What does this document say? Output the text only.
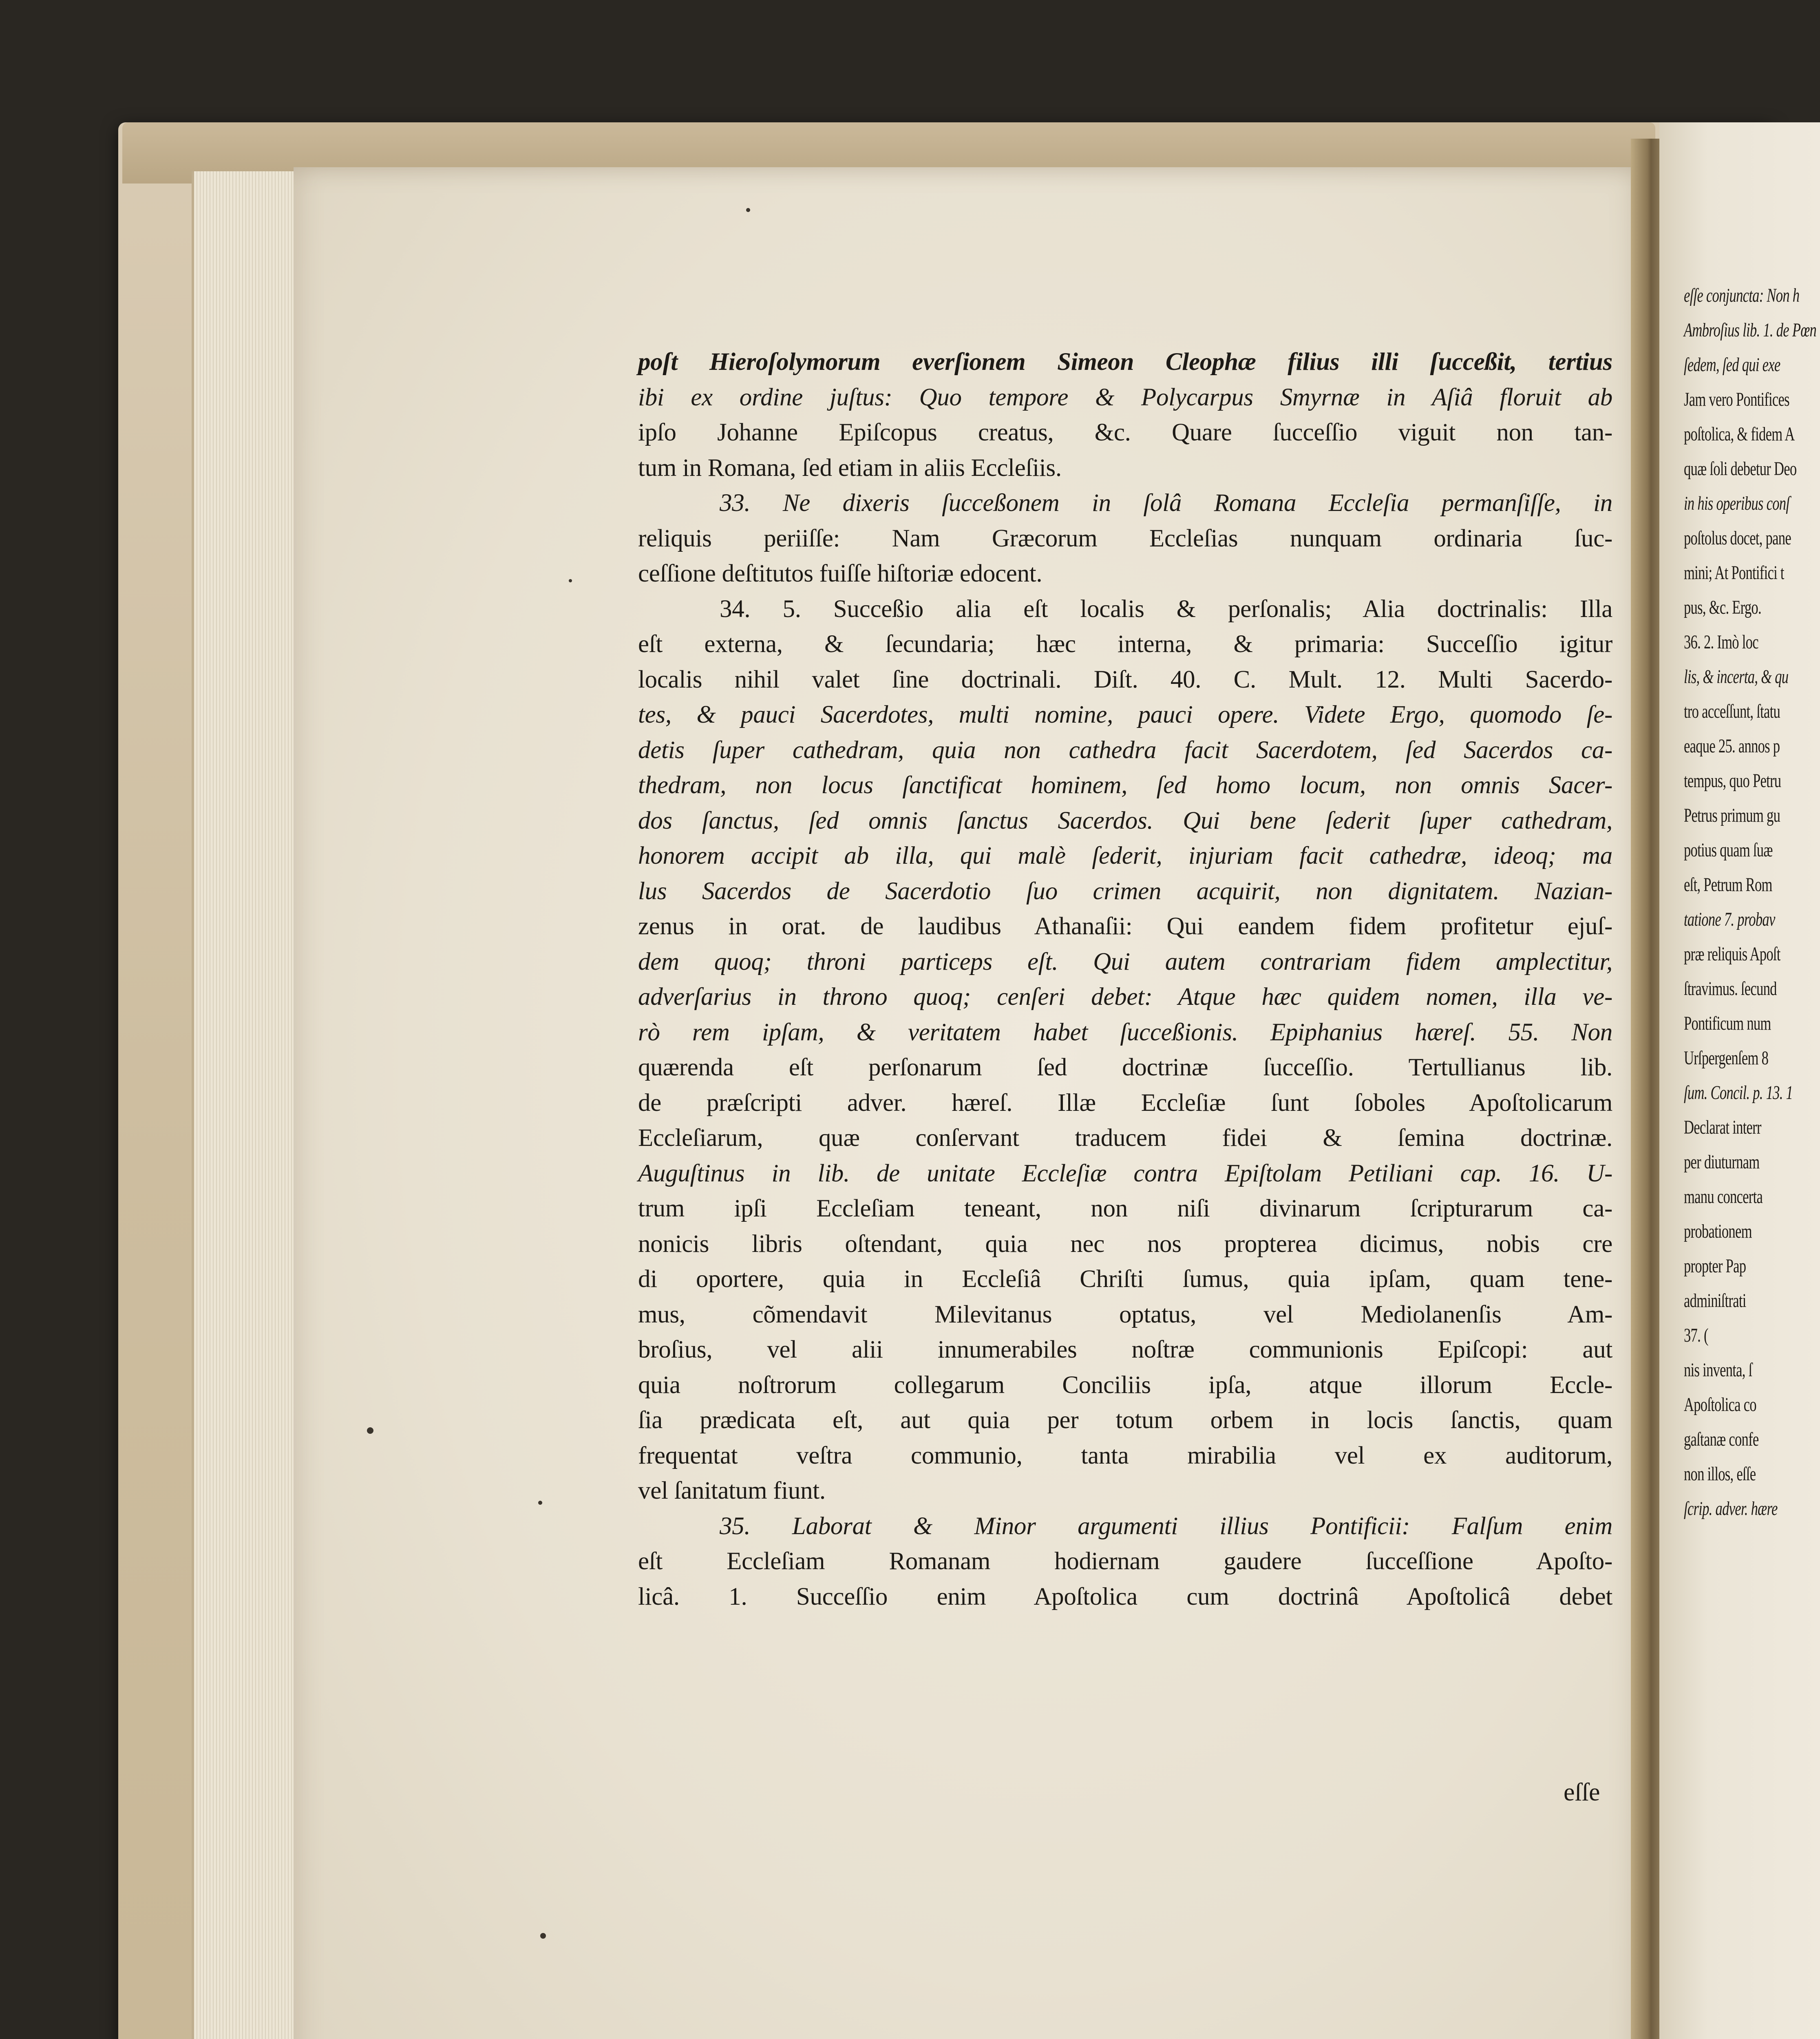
poſt Hieroſolymorum everſionem Simeon Cleophæ filius illi ſucceßit, tertius
ibi ex ordine juſtus: Quo tempore & Polycarpus Smyrnæ in Aſiâ floruit ab
ipſo Johanne Epiſcopus creatus, &c. Quare ſucceſſio viguit non tan-
tum in Romana, ſed etiam in aliis Eccleſiis.
33. Ne dixeris ſucceßonem in ſolâ Romana Eccleſia permanſiſſe, in
reliquis periiſſe: Nam Græcorum Eccleſias nunquam ordinaria ſuc-
ceſſione deſtitutos fuiſſe hiſtoriæ edocent.
34. 5. Succeßio alia eſt localis & perſonalis; Alia doctrinalis: Illa
eſt externa, & ſecundaria; hæc interna, & primaria: Succeſſio igitur
localis nihil valet ſine doctrinali. Diſt. 40. C. Mult. 12. Multi Sacerdo-
tes, & pauci Sacerdotes, multi nomine, pauci opere. Videte Ergo, quomodo ſe-
detis ſuper cathedram, quia non cathedra facit Sacerdotem, ſed Sacerdos ca-
thedram, non locus ſanctificat hominem, ſed homo locum, non omnis Sacer-
dos ſanctus, ſed omnis ſanctus Sacerdos. Qui bene ſederit ſuper cathedram,
honorem accipit ab illa, qui malè ſederit, injuriam facit cathedræ, ideoq; ma
lus Sacerdos de Sacerdotio ſuo crimen acquirit, non dignitatem. Nazian-
zenus in orat. de laudibus Athanaſii: Qui eandem fidem profitetur ejuſ-
dem quoq; throni particeps eſt. Qui autem contrariam fidem amplectitur,
adverſarius in throno quoq; cenſeri debet: Atque hæc quidem nomen, illa ve-
rò rem ipſam, & veritatem habet ſucceßionis. Epiphanius hæreſ. 55. Non
quærenda eſt perſonarum ſed doctrinæ ſucceſſio. Tertullianus lib.
de præſcripti adver. hæreſ. Illæ Eccleſiæ ſunt ſoboles Apoſtolicarum
Eccleſiarum, quæ conſervant traducem fidei & ſemina doctrinæ.
Auguſtinus in lib. de unitate Eccleſiæ contra Epiſtolam Petiliani cap. 16. U-
trum ipſi Eccleſiam teneant, non niſi divinarum ſcripturarum ca-
nonicis libris oſtendant, quia nec nos propterea dicimus, nobis cre
di oportere, quia in Eccleſiâ Chriſti ſumus, quia ipſam, quam tene-
mus, cõmendavit Milevitanus optatus, vel Mediolanenſis Am-
broſius, vel alii innumerabiles noſtræ communionis Epiſcopi: aut
quia noſtrorum collegarum Conciliis ipſa, atque illorum Eccle-
ſia prædicata eſt, aut quia per totum orbem in locis ſanctis, quam
frequentat veſtra communio, tanta mirabilia vel ex auditorum,
vel ſanitatum fiunt.
35. Laborat & Minor argumenti illius Pontificii: Falſum enim
eſt Eccleſiam Romanam hodiernam gaudere ſucceſſione Apoſto-
licâ. 1. Succeſſio enim Apoſtolica cum doctrinâ Apoſtolicâ debet
eſſe
eſſe conjuncta: Non h
Ambroſius lib. 1. de Pœn
ſedem, ſed qui exe
Jam vero Pontifices
poſtolica, & fidem A
quæ ſoli debetur Deo
in his operibus conſ
poſtolus docet, pane
mini; At Pontifici t
pus, &c. Ergo.
36. 2. Imò loc
lis, & incerta, & qu
tro acceſſunt, ſtatu
eaque 25. annos p
tempus, quo Petru
Petrus primum gu
potius quam ſuæ
eſt, Petrum Rom
tatione 7. probav
præ reliquis Apoſt
ſtravimus. ſecund
Pontificum num
Urſpergenſem 8
ſum. Concil. p. 13. 1
Declarat interr
per diuturnam
manu concerta
probationem
propter Pap
adminiſtrati
37. (
nis inventa, ſ
Apoſtolica co
gaſtanæ confe
non illos, eſſe
ſcrip. adver. hære
